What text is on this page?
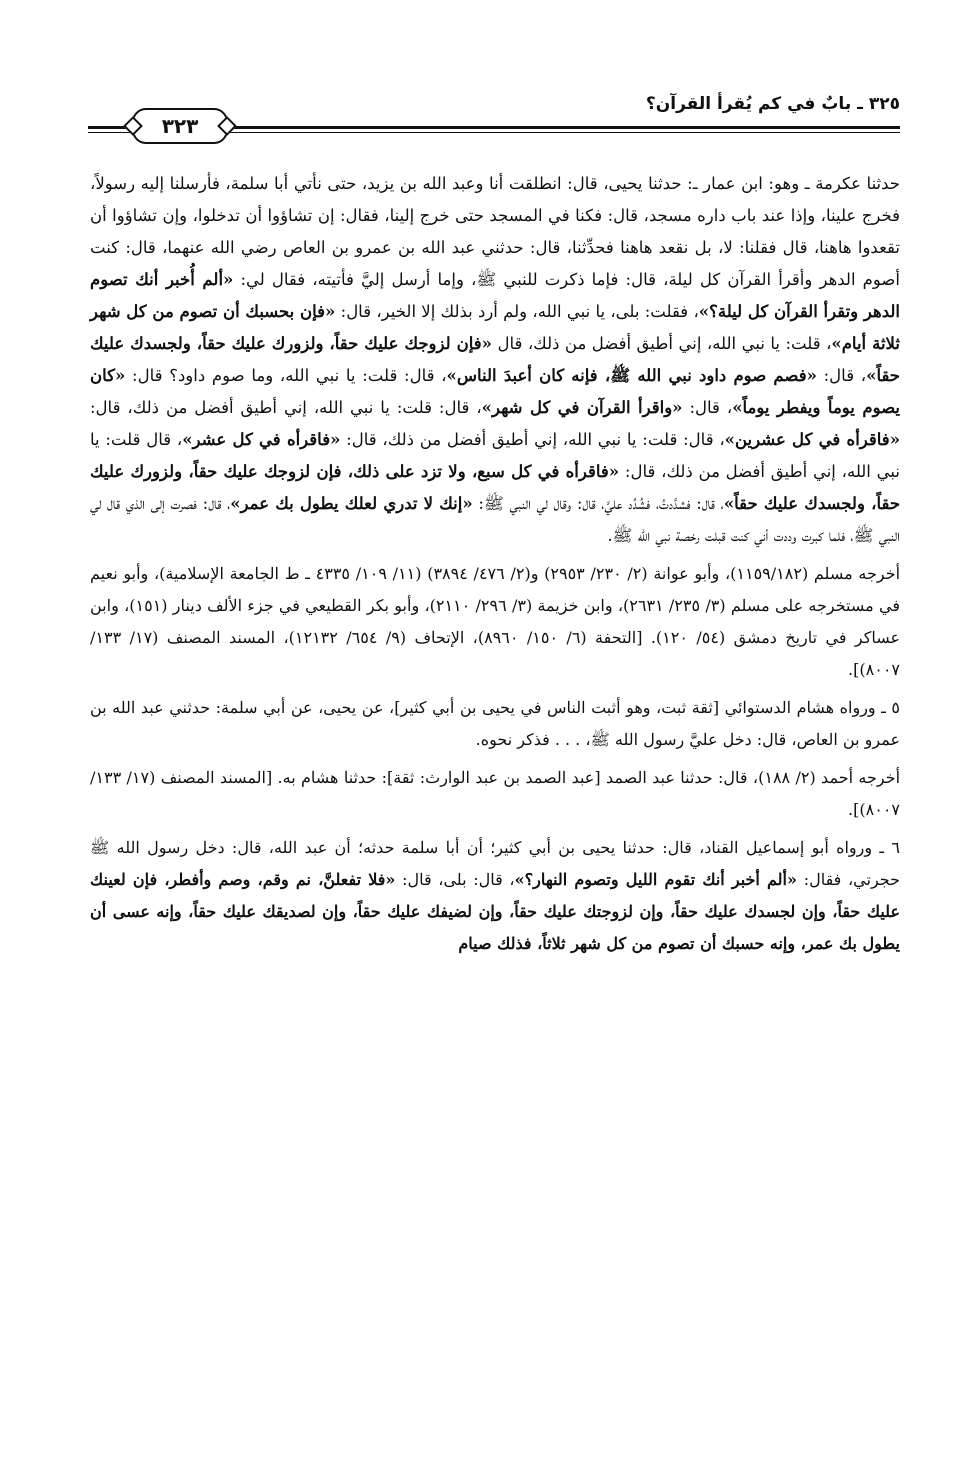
٣٢٥ ـ بابٌ في كم يُقرأ القرآن؟
٣٢٣

حدثنا عكرمة ـ وهو: ابن عمار ـ: حدثنا يحيى، قال: انطلقت أنا وعبد الله بن يزيد، حتى نأتي أبا سلمة، فأرسلنا إليه رسولاً، فخرج علينا، وإذا عند باب داره مسجد، قال: فكنا في المسجد حتى خرج إلينا، فقال: إن تشاؤوا أن تدخلوا، وإن تشاؤوا أن تقعدوا هاهنا، قال فقلنا: لا، بل نقعد هاهنا فحدِّثنا، قال: حدثني عبد الله بن عمرو بن العاص رضي الله عنهما، قال: كنت أصوم الدهر وأقرأ القرآن كل ليلة، قال: فإما ذكرت للنبي ﷺ، وإما أرسل إليَّ فأتيته، فقال لي: «ألم أُخبر أنك تصوم الدهر وتقرأ القرآن كل ليلة؟»، فقلت: بلى، يا نبي الله، ولم أرد بذلك إلا الخير، قال: «فإن بحسبك أن تصوم من كل شهر ثلاثة أيام»، قلت: يا نبي الله، إني أطيق أفضل من ذلك، قال «فإن لزوجك عليك حقاً، ولزورك عليك حقاً، ولجسدك عليك حقاً»، قال: «فصم صوم داود نبي الله ﷺ، فإنه كان أعبدَ الناس»، قال: قلت: يا نبي الله، وما صوم داود؟ قال: «كان يصوم يوماً ويفطر يوماً»، قال: «واقرأ القرآن في كل شهر»، قال: قلت: يا نبي الله، إني أطيق أفضل من ذلك، قال: «فاقرأه في كل عشرين»، قال: قلت: يا نبي الله، إني أطيق أفضل من ذلك، قال: «فاقرأه في كل عشر»، قال قلت: يا نبي الله، إني أطيق أفضل من ذلك، قال: «فاقرأه في كل سبع، ولا تزد على ذلك، فإن لزوجك عليك حقاً، ولزورك عليك حقاً، ولجسدك عليك حقاً»، قال: فشدَّدتُ، فشُدِّد عليَّ، قال: وقال لي النبي ﷺ: «إنك لا تدري لعلك يطول بك عمر»، قال: فصرت إلى الذي قال لي النبي ﷺ، فلما كبرت وددت أني كنت قبلت رخصة نبي الله ﷺ.

أخرجه مسلم (١١٥٩/١٨٢)، وأبو عوانة (٢/ ٢٣٠/ ٢٩٥٣) و(٢/ ٤٧٦/ ٣٨٩٤) (١١/ ١٠٩/ ٤٣٣٥ ـ ط الجامعة الإسلامية)، وأبو نعيم في مستخرجه على مسلم (٣/ ٢٣٥/ ٢٦٣١)، وابن خزيمة (٣/ ٢٩٦/ ٢١١٠)، وأبو بكر القطيعي في جزء الألف دينار (١٥١)، وابن عساكر في تاريخ دمشق (٥٤/ ١٢٠). [التحفة (٦/ ١٥٠/ ٨٩٦٠)، الإتحاف (٩/ ٦٥٤/ ١٢١٣٢)، المسند المصنف (١٧/ ١٣٣/ ٨٠٠٧)].

٥ ـ ورواه هشام الدستوائي [ثقة ثبت، وهو أثبت الناس في يحيى بن أبي كثير]، عن يحيى، عن أبي سلمة: حدثني عبد الله بن عمرو بن العاص، قال: دخل عليَّ رسول الله ﷺ، . . . فذكر نحوه.

أخرجه أحمد (٢/ ١٨٨)، قال: حدثنا عبد الصمد [عبد الصمد بن عبد الوارث: ثقة]: حدثنا هشام به. [المسند المصنف (١٧/ ١٣٣/ ٨٠٠٧)].

٦ ـ ورواه أبو إسماعيل القناد، قال: حدثنا يحيى بن أبي كثير؛ أن أبا سلمة حدثه؛ أن عبد الله، قال: دخل رسول الله ﷺ حجرتي، فقال: «ألم أخبر أنك تقوم الليل وتصوم النهار؟»، قال: بلى، قال: «فلا تفعلنَّ، نم وقم، وصم وأفطر، فإن لعينك عليك حقاً، وإن لجسدك عليك حقاً، وإن لزوجتك عليك حقاً، وإن لضيفك عليك حقاً، وإن لصديقك عليك حقاً، وإنه عسى أن يطول بك عمر، وإنه حسبك أن تصوم من كل شهر ثلاثاً، فذلك صيام
